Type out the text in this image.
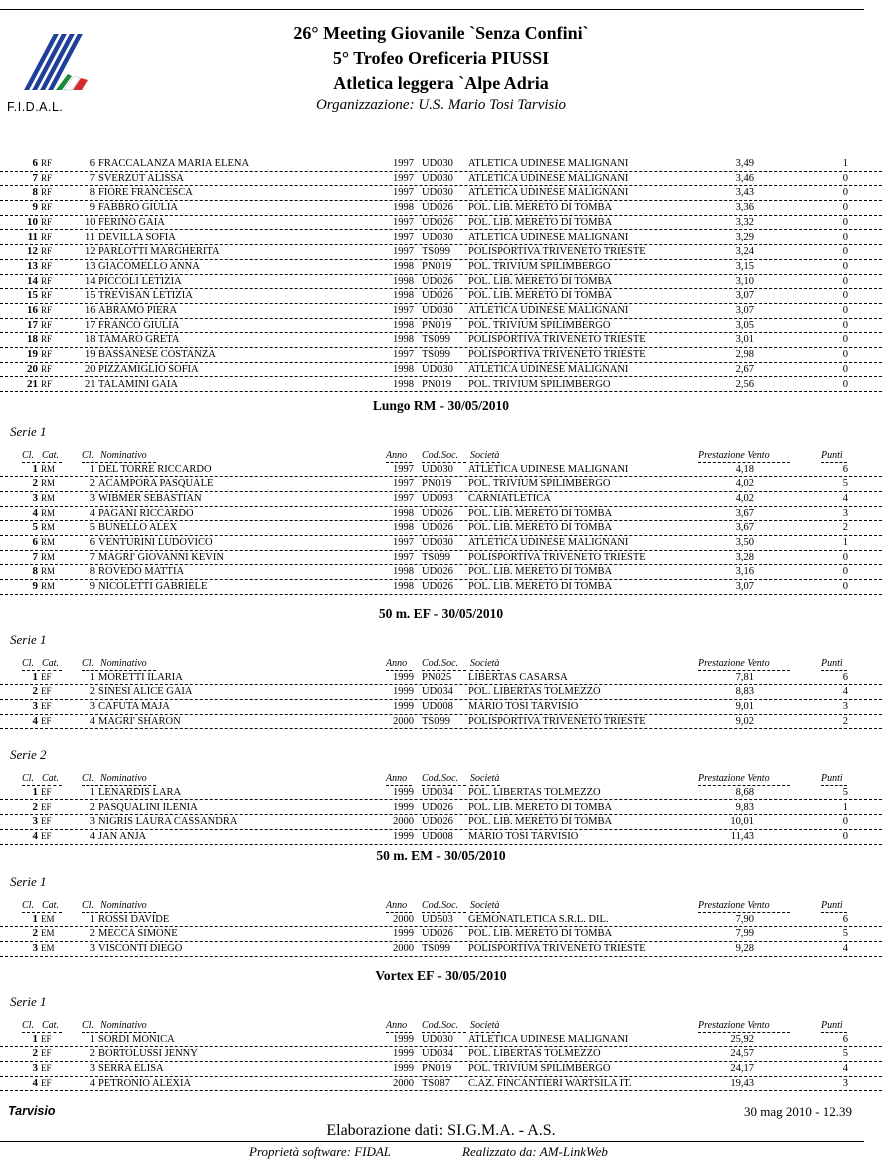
F.I.D.A.L.
26° Meeting Giovanile `Senza Confini`
5° Trofeo Oreficeria PIUSSI
Atletica leggera `Alpe Adria
Organizzazione: U.S. Mario Tosi Tarvisio
6 RF	6 FRACCALANZA MARIA ELENA	1997 UD030 ATLETICA UDINESE MALIGNANI	3,49	1
7 RF	7 SVERZUT ALISSA	1997 UD030 ATLETICA UDINESE MALIGNANI	3,46	0
8 RF	8 FIORE FRANCESCA	1997 UD030 ATLETICA UDINESE MALIGNANI	3,43	0
9 RF	9 FABBRO GIULIA	1998 UD026 POL. LIB. MERETO DI TOMBA	3,36	0
10 RF	10 FERINO GAIA	1997 UD026 POL. LIB. MERETO DI TOMBA	3,32	0
11 RF	11 DEVILLA SOFIA	1997 UD030 ATLETICA UDINESE MALIGNANI	3,29	0
12 RF	12 PARLOTTI MARGHERITA	1997 TS099 POLISPORTIVA TRIVENETO TRIESTE	3,24	0
13 RF	13 GIACOMELLO ANNA	1998 PN019 POL. TRIVIUM SPILIMBERGO	3,15	0
14 RF	14 PICCOLI LETIZIA	1998 UD026 POL. LIB. MERETO DI TOMBA	3,10	0
15 RF	15 TREVISAN LETIZIA	1998 UD026 POL. LIB. MERETO DI TOMBA	3,07	0
16 RF	16 ABRAMO PIERA	1997 UD030 ATLETICA UDINESE MALIGNANI	3,07	0
17 RF	17 FRANCO GIULIA	1998 PN019 POL. TRIVIUM SPILIMBERGO	3,05	0
18 RF	18 TAMARO GRETA	1998 TS099 POLISPORTIVA TRIVENETO TRIESTE	3,01	0
19 RF	19 BASSANESE COSTANZA	1997 TS099 POLISPORTIVA TRIVENETO TRIESTE	2,98	0
20 RF	20 PIZZAMIGLIO SOFIA	1998 UD030 ATLETICA UDINESE MALIGNANI	2,67	0
21 RF	21 TALAMINI GAIA	1998 PN019 POL. TRIVIUM SPILIMBERGO	2,56	0
Lungo RM - 30/05/2010
Serie 1
Cl. Cat. Cl. Nominativo	Anno Cod.Soc. Società	Prestazione Vento	Punti
1 RM	1 DEL TORRE RICCARDO	1997 UD030 ATLETICA UDINESE MALIGNANI	4,18	6
2 RM	2 ACAMPORA PASQUALE	1997 PN019 POL. TRIVIUM SPILIMBERGO	4,02	5
3 RM	3 WIBMER SEBASTIAN	1997 UD093 CARNIATLETICA	4,02	4
4 RM	4 PAGANI RICCARDO	1998 UD026 POL. LIB. MERETO DI TOMBA	3,67	3
5 RM	5 BUNELLO ALEX	1998 UD026 POL. LIB. MERETO DI TOMBA	3,67	2
6 RM	6 VENTURINI LUDOVICO	1997 UD030 ATLETICA UDINESE MALIGNANI	3,50	1
7 RM	7 MAGRI' GIOVANNI KEVIN	1997 TS099 POLISPORTIVA TRIVENETO TRIESTE	3,28	0
8 RM	8 ROVEDO MATTIA	1998 UD026 POL. LIB. MERETO DI TOMBA	3,16	0
9 RM	9 NICOLETTI GABRIELE	1998 UD026 POL. LIB. MERETO DI TOMBA	3,07	0
50 m. EF - 30/05/2010
Serie 1
Cl. Cat. Cl. Nominativo	Anno Cod.Soc. Società	Prestazione Vento	Punti
1 EF	1 MORETTI ILARIA	1999 PN025 LIBERTAS CASARSA	7,81	6
2 EF	2 SINESI ALICE GAIA	1999 UD034 POL. LIBERTAS TOLMEZZO	8,83	4
3 EF	3 CAFUTA MAJA	1999 UD008 MARIO TOSI TARVISIO	9,01	3
4 EF	4 MAGRI' SHARON	2000 TS099 POLISPORTIVA TRIVENETO TRIESTE	9,02	2
Serie 2
Cl. Cat. Cl. Nominativo	Anno Cod.Soc. Società	Prestazione Vento	Punti
1 EF	1 LENARDIS LARA	1999 UD034 POL. LIBERTAS TOLMEZZO	8,68	5
2 EF	2 PASQUALINI ILENIA	1999 UD026 POL. LIB. MERETO DI TOMBA	9,83	1
3 EF	3 NIGRIS LAURA CASSANDRA	2000 UD026 POL. LIB. MERETO DI TOMBA	10,01	0
4 EF	4 JAN ANJA	1999 UD008 MARIO TOSI TARVISIO	11,43	0
50 m. EM - 30/05/2010
Serie 1
Cl. Cat. Cl. Nominativo	Anno Cod.Soc. Società	Prestazione Vento	Punti
1 EM	1 ROSSI DAVIDE	2000 UD503 GEMONATLETICA S.R.L. DIL.	7,90	6
2 EM	2 MECCA SIMONE	1999 UD026 POL. LIB. MERETO DI TOMBA	7,99	5
3 EM	3 VISCONTI DIEGO	2000 TS099 POLISPORTIVA TRIVENETO TRIESTE	9,28	4
Vortex EF - 30/05/2010
Serie 1
Cl. Cat. Cl. Nominativo	Anno Cod.Soc. Società	Prestazione Vento	Punti
1 EF	1 SORDI MONICA	1999 UD030 ATLETICA UDINESE MALIGNANI	25,92	6
2 EF	2 BORTOLUSSI JENNY	1999 UD034 POL. LIBERTAS TOLMEZZO	24,57	5
3 EF	3 SERRA ELISA	1999 PN019 POL. TRIVIUM SPILIMBERGO	24,17	4
4 EF	4 PETRONIO ALEXIA	2000 TS087 C.AZ. FINCANTIERI WARTSILA IT.	19,43	3
Tarvisio	30 mag 2010 - 12.39
Elaborazione dati: SI.G.M.A. - A.S.
Proprietà software: FIDAL	Realizzato da: AM-LinkWeb
